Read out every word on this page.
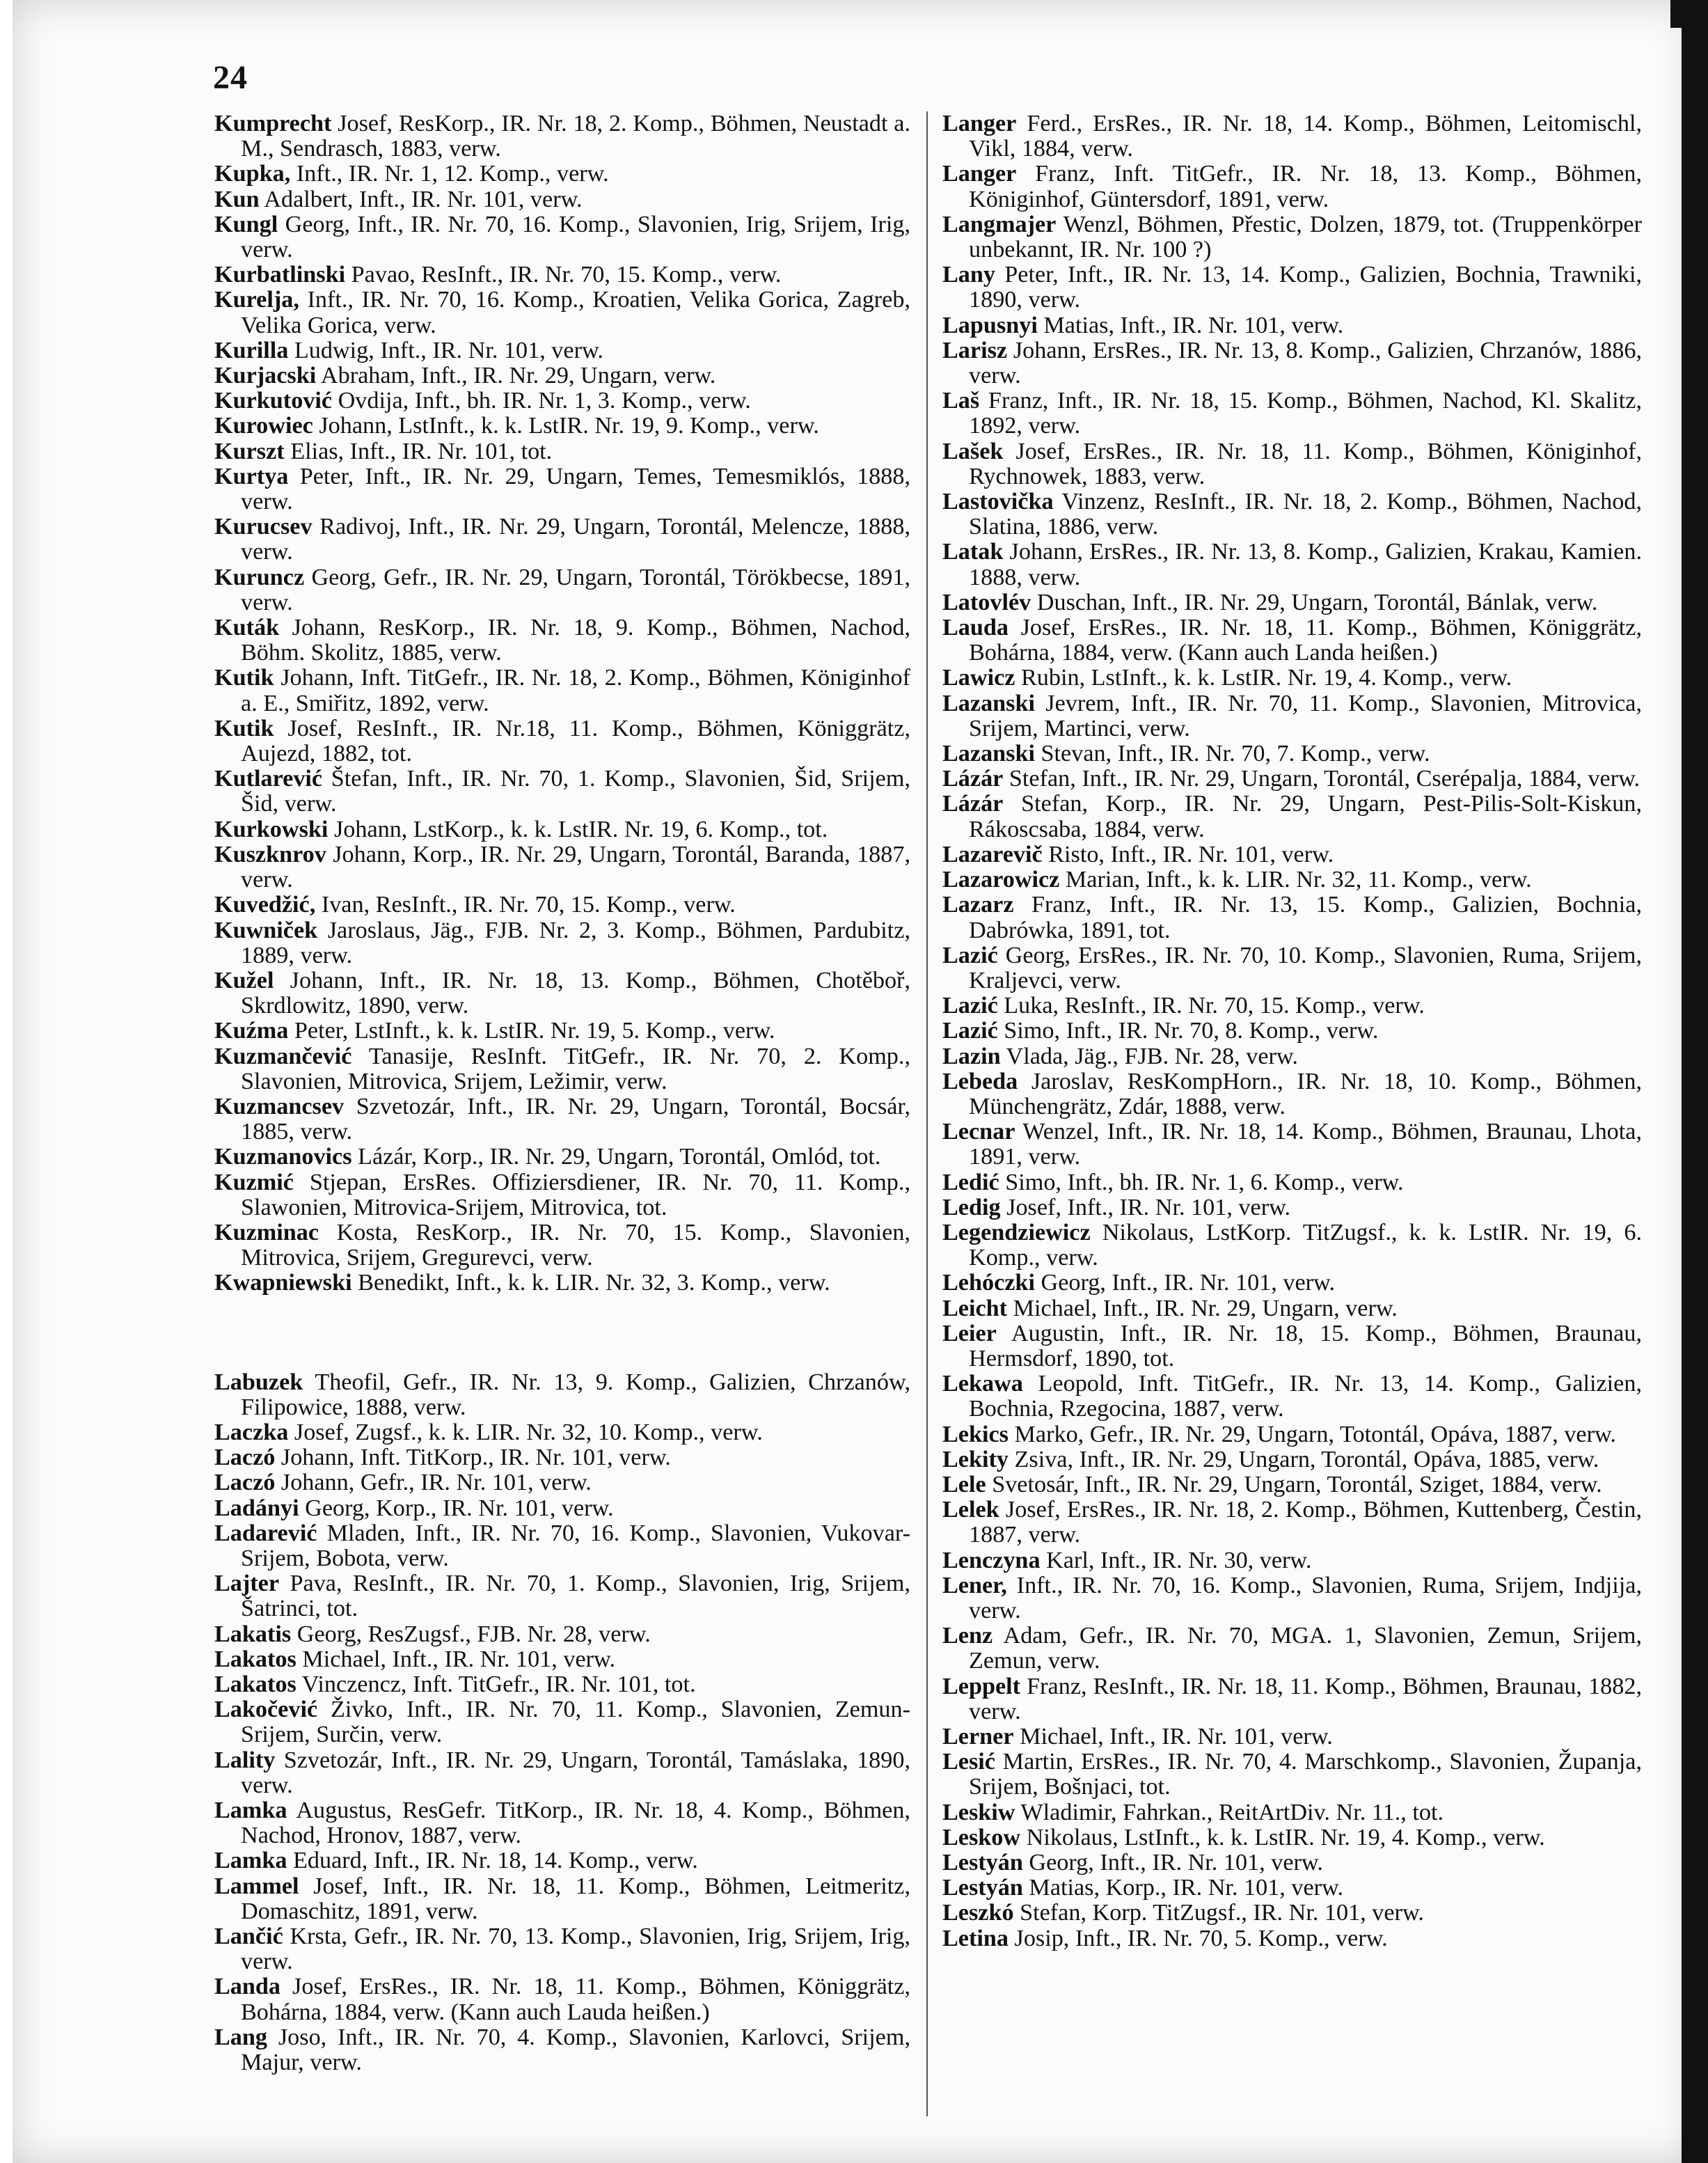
24

Kumprecht Josef, ResKorp., IR. Nr. 18, 2. Komp., Böhmen, Neustadt a. M., Sendrasch, 1883, verw.

Kupka, Inft., IR. Nr. 1, 12. Komp., verw.

Kun Adalbert, Inft., IR. Nr. 101, verw.

Kungl Georg, Inft., IR. Nr. 70, 16. Komp., Slavonien, Irig, Srijem, Irig, verw.

Kurbatlinski Pavao, ResInft., IR. Nr. 70, 15. Komp., verw.

Kurelja, Inft., IR. Nr. 70, 16. Komp., Kroatien, Velika Gorica, Zagreb, Velika Gorica, verw.

Kurilla Ludwig, Inft., IR. Nr. 101, verw.

Kurjacski Abraham, Inft., IR. Nr. 29, Ungarn, verw.

Kurkutović Ovdija, Inft., bh. IR. Nr. 1, 3. Komp., verw.

Kurowiec Johann, LstInft., k. k. LstIR. Nr. 19, 9. Komp., verw.

Kurszt Elias, Inft., IR. Nr. 101, tot.

Kurtya Peter, Inft., IR. Nr. 29, Ungarn, Temes, Temesmiklós, 1888, verw.

Kurucsev Radivoj, Inft., IR. Nr. 29, Ungarn, Torontál, Melencze, 1888, verw.

Kuruncz Georg, Gefr., IR. Nr. 29, Ungarn, Torontál, Törökbecse, 1891, verw.

Kuták Johann, ResKorp., IR. Nr. 18, 9. Komp., Böhmen, Nachod, Böhm. Skolitz, 1885, verw.

Kutik Johann, Inft. TitGefr., IR. Nr. 18, 2. Komp., Böhmen, Königinhof a. E., Smiřitz, 1892, verw.

Kutik Josef, ResInft., IR. Nr.18, 11. Komp., Böhmen, Königgrätz, Aujezd, 1882, tot.

Kutlarević Štefan, Inft., IR. Nr. 70, 1. Komp., Slavonien, Šid, Srijem, Šid, verw.

Kurkowski Johann, LstKorp., k. k. LstIR. Nr. 19, 6. Komp., tot.

Kuszknrov Johann, Korp., IR. Nr. 29, Ungarn, Torontál, Baranda, 1887, verw.

Kuvedžić, Ivan, ResInft., IR. Nr. 70, 15. Komp., verw.

Kuwniček Jaroslaus, Jäg., FJB. Nr. 2, 3. Komp., Böhmen, Pardubitz, 1889, verw.

Kužel Johann, Inft., IR. Nr. 18, 13. Komp., Böhmen, Chotěboř, Skrdlowitz, 1890, verw.

Kuźma Peter, LstInft., k. k. LstIR. Nr. 19, 5. Komp., verw.

Kuzmančević Tanasije, ResInft. TitGefr., IR. Nr. 70, 2. Komp., Slavonien, Mitrovica, Srijem, Ležimir, verw.

Kuzmancsev Szvetozár, Inft., IR. Nr. 29, Ungarn, Torontál, Bocsár, 1885, verw.

Kuzmanovics Lázár, Korp., IR. Nr. 29, Ungarn, Torontál, Omlód, tot.

Kuzmić Stjepan, ErsRes. Offiziersdiener, IR. Nr. 70, 11. Komp., Slawonien, Mitrovica-Srijem, Mitrovica, tot.

Kuzminac Kosta, ResKorp., IR. Nr. 70, 15. Komp., Slavonien, Mitrovica, Srijem, Gregurevci, verw.

Kwapniewski Benedikt, Inft., k. k. LIR. Nr. 32, 3. Komp., verw.

Labuzek Theofil, Gefr., IR. Nr. 13, 9. Komp., Galizien, Chrzanów, Filipowice, 1888, verw.

Laczka Josef, Zugsf., k. k. LIR. Nr. 32, 10. Komp., verw.

Laczó Johann, Inft. TitKorp., IR. Nr. 101, verw.

Laczó Johann, Gefr., IR. Nr. 101, verw.

Ladányi Georg, Korp., IR. Nr. 101, verw.

Ladarević Mladen, Inft., IR. Nr. 70, 16. Komp., Slavonien, Vukovar-Srijem, Bobota, verw.

Lajter Pava, ResInft., IR. Nr. 70, 1. Komp., Slavonien, Irig, Srijem, Šatrinci, tot.

Lakatis Georg, ResZugsf., FJB. Nr. 28, verw.

Lakatos Michael, Inft., IR. Nr. 101, verw.

Lakatos Vinczencz, Inft. TitGefr., IR. Nr. 101, tot.

Lakočević Živko, Inft., IR. Nr. 70, 11. Komp., Slavonien, Zemun-Srijem, Surčin, verw.

Lality Szvetozár, Inft., IR. Nr. 29, Ungarn, Torontál, Tamáslaka, 1890, verw.

Lamka Augustus, ResGefr. TitKorp., IR. Nr. 18, 4. Komp., Böhmen, Nachod, Hronov, 1887, verw.

Lamka Eduard, Inft., IR. Nr. 18, 14. Komp., verw.

Lammel Josef, Inft., IR. Nr. 18, 11. Komp., Böhmen, Leitmeritz, Domaschitz, 1891, verw.

Lančić Krsta, Gefr., IR. Nr. 70, 13. Komp., Slavonien, Irig, Srijem, Irig, verw.

Landa Josef, ErsRes., IR. Nr. 18, 11. Komp., Böhmen, Königgrätz, Bohárna, 1884, verw. (Kann auch Lauda heißen.)

Lang Joso, Inft., IR. Nr. 70, 4. Komp., Slavonien, Karlovci, Srijem, Majur, verw.

Langer Ferd., ErsRes., IR. Nr. 18, 14. Komp., Böhmen, Leitomischl, Vikl, 1884, verw.

Langer Franz, Inft. TitGefr., IR. Nr. 18, 13. Komp., Böhmen, Königinhof, Güntersdorf, 1891, verw.

Langmajer Wenzl, Böhmen, Přestic, Dolzen, 1879, tot. (Truppenkörper unbekannt, IR. Nr. 100 ?)

Lany Peter, Inft., IR. Nr. 13, 14. Komp., Galizien, Bochnia, Trawniki, 1890, verw.

Lapusnyi Matias, Inft., IR. Nr. 101, verw.

Larisz Johann, ErsRes., IR. Nr. 13, 8. Komp., Galizien, Chrzanów, 1886, verw.

Laš Franz, Inft., IR. Nr. 18, 15. Komp., Böhmen, Nachod, Kl. Skalitz, 1892, verw.

Lašek Josef, ErsRes., IR. Nr. 18, 11. Komp., Böhmen, Königinhof, Rychnowek, 1883, verw.

Lastovička Vinzenz, ResInft., IR. Nr. 18, 2. Komp., Böhmen, Nachod, Slatina, 1886, verw.

Latak Johann, ErsRes., IR. Nr. 13, 8. Komp., Galizien, Krakau, Kamien. 1888, verw.

Latovlév Duschan, Inft., IR. Nr. 29, Ungarn, Torontál, Bánlak, verw.

Lauda Josef, ErsRes., IR. Nr. 18, 11. Komp., Böhmen, Königgrätz, Bohárna, 1884, verw. (Kann auch Landa heißen.)

Lawicz Rubin, LstInft., k. k. LstIR. Nr. 19, 4. Komp., verw.

Lazanski Jevrem, Inft., IR. Nr. 70, 11. Komp., Slavonien, Mitrovica, Srijem, Martinci, verw.

Lazanski Stevan, Inft., IR. Nr. 70, 7. Komp., verw.

Lázár Stefan, Inft., IR. Nr. 29, Ungarn, Torontál, Cserépalja, 1884, verw.

Lázár Stefan, Korp., IR. Nr. 29, Ungarn, Pest-Pilis-Solt-Kiskun, Rákoscsaba, 1884, verw.

Lazarevič Risto, Inft., IR. Nr. 101, verw.

Lazarowicz Marian, Inft., k. k. LIR. Nr. 32, 11. Komp., verw.

Lazarz Franz, Inft., IR. Nr. 13, 15. Komp., Galizien, Bochnia, Dabrówka, 1891, tot.

Lazić Georg, ErsRes., IR. Nr. 70, 10. Komp., Slavonien, Ruma, Srijem, Kraljevci, verw.

Lazić Luka, ResInft., IR. Nr. 70, 15. Komp., verw.

Lazić Simo, Inft., IR. Nr. 70, 8. Komp., verw.

Lazin Vlada, Jäg., FJB. Nr. 28, verw.

Lebeda Jaroslav, ResKompHorn., IR. Nr. 18, 10. Komp., Böhmen, Münchengrätz, Zdár, 1888, verw.

Lecnar Wenzel, Inft., IR. Nr. 18, 14. Komp., Böhmen, Braunau, Lhota, 1891, verw.

Ledić Simo, Inft., bh. IR. Nr. 1, 6. Komp., verw.

Ledig Josef, Inft., IR. Nr. 101, verw.

Legendziewicz Nikolaus, LstKorp. TitZugsf., k. k. LstIR. Nr. 19, 6. Komp., verw.

Lehóczki Georg, Inft., IR. Nr. 101, verw.

Leicht Michael, Inft., IR. Nr. 29, Ungarn, verw.

Leier Augustin, Inft., IR. Nr. 18, 15. Komp., Böhmen, Braunau, Hermsdorf, 1890, tot.

Lekawa Leopold, Inft. TitGefr., IR. Nr. 13, 14. Komp., Galizien, Bochnia, Rzegocina, 1887, verw.

Lekics Marko, Gefr., IR. Nr. 29, Ungarn, Totontál, Opáva, 1887, verw.

Lekity Zsiva, Inft., IR. Nr. 29, Ungarn, Torontál, Opáva, 1885, verw.

Lele Svetosár, Inft., IR. Nr. 29, Ungarn, Torontál, Sziget, 1884, verw.

Lelek Josef, ErsRes., IR. Nr. 18, 2. Komp., Böhmen, Kuttenberg, Čestin, 1887, verw.

Lenczyna Karl, Inft., IR. Nr. 30, verw.

Lener, Inft., IR. Nr. 70, 16. Komp., Slavonien, Ruma, Srijem, Indjija, verw.

Lenz Adam, Gefr., IR. Nr. 70, MGA. 1, Slavonien, Zemun, Srijem, Zemun, verw.

Leppelt Franz, ResInft., IR. Nr. 18, 11. Komp., Böhmen, Braunau, 1882, verw.

Lerner Michael, Inft., IR. Nr. 101, verw.

Lesić Martin, ErsRes., IR. Nr. 70, 4. Marschkomp., Slavonien, Županja, Srijem, Bošnjaci, tot.

Leskiw Wladimir, Fahrkan., ReitArtDiv. Nr. 11., tot.

Leskow Nikolaus, LstInft., k. k. LstIR. Nr. 19, 4. Komp., verw.

Lestyán Georg, Inft., IR. Nr. 101, verw.

Lestyán Matias, Korp., IR. Nr. 101, verw.

Leszkó Stefan, Korp. TitZugsf., IR. Nr. 101, verw.

Letina Josip, Inft., IR. Nr. 70, 5. Komp., verw.
